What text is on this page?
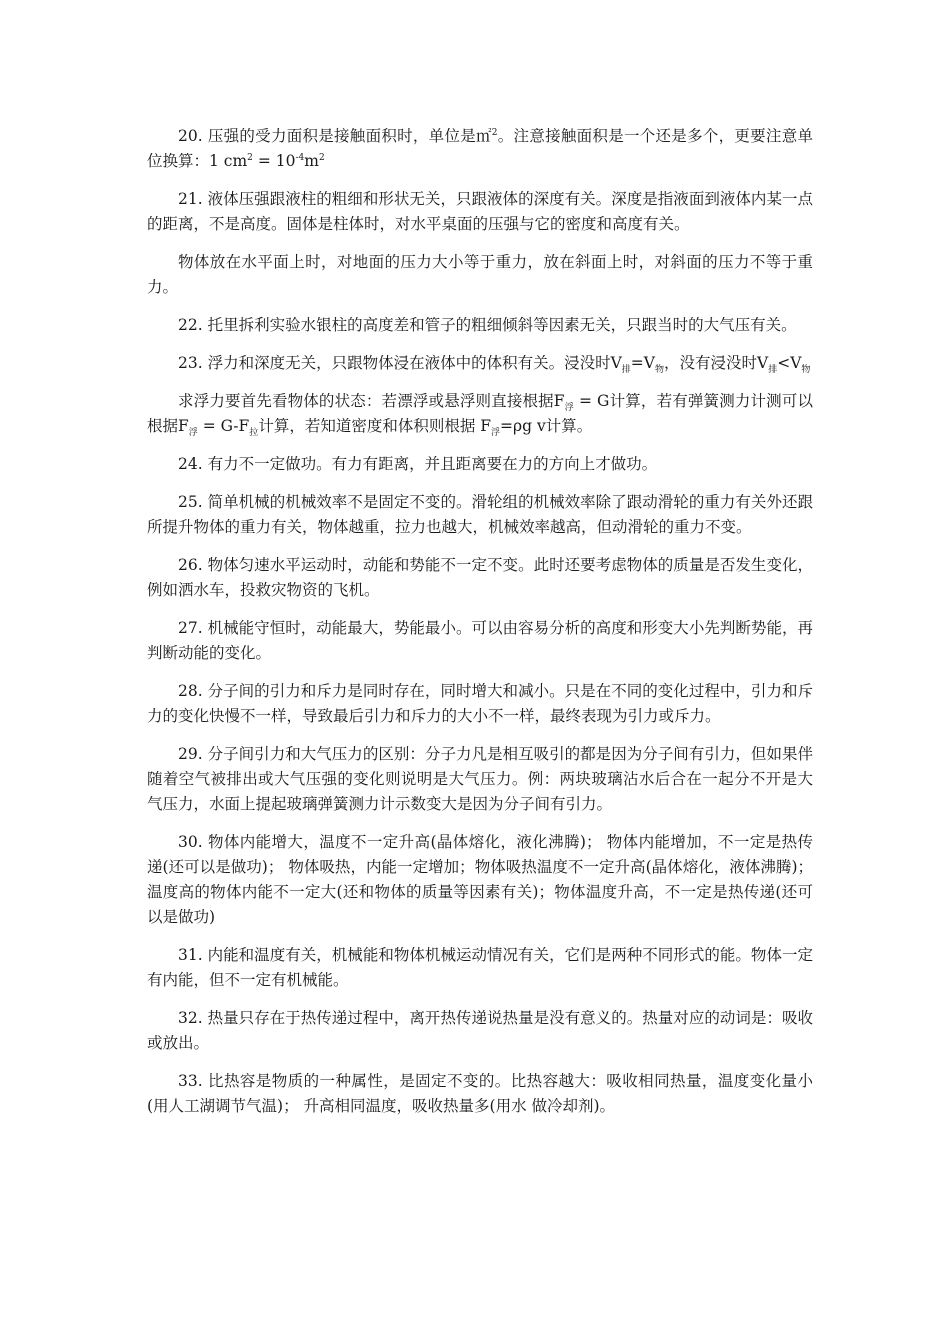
20. 压强的受力面积是接触面积时，单位是㎡$^2$。注意接触面积是一个还是多个，更要注意单位换算：1 $cm^2 = 10^{-4}m^2$

21. 液体压强跟液柱的粗细和形状无关，只跟液体的深度有关。深度是指液面到液体内某一点的距离，不是高度。固体是柱体时，对水平桌面的压强与它的密度和高度有关。

物体放在水平面上时，对地面的压力大小等于重力，放在斜面上时，对斜面的压力不等于重力。

22. 托里拆利实验水银柱的高度差和管子的粗细倾斜等因素无关，只跟当时的大气压有关。

23. 浮力和深度无关，只跟物体浸在液体中的体积有关。浸没时$V_排=V_物$，没有浸没时$V_排<V_物$

求浮力要首先看物体的状态：若漂浮或悬浮则直接根据$F_浮 = G$计算，若有弹簧测力计测可以根据$F_浮 = G-F_拉$计算，若知道密度和体积则根据 $F_浮=\rho g$ v计算。

24. 有力不一定做功。有力有距离，并且距离要在力的方向上才做功。

25. 简单机械的机械效率不是固定不变的。滑轮组的机械效率除了跟动滑轮的重力有关外还跟所提升物体的重力有关，物体越重，拉力也越大，机械效率越高，但动滑轮的重力不变。

26. 物体匀速水平运动时，动能和势能不一定不变。此时还要考虑物体的质量是否发生变化，例如洒水车，投救灾物资的飞机。

27. 机械能守恒时，动能最大，势能最小。可以由容易分析的高度和形变大小先判断势能，再判断动能的变化。

28. 分子间的引力和斥力是同时存在，同时增大和减小。只是在不同的变化过程中，引力和斥力的变化快慢不一样，导致最后引力和斥力的大小不一样，最终表现为引力或斥力。

29. 分子间引力和大气压力的区别：分子力凡是相互吸引的都是因为分子间有引力，但如果伴随着空气被排出或大气压强的变化则说明是大气压力。例：两块玻璃沾水后合在一起分不开是大气压力，水面上提起玻璃弹簧测力计示数变大是因为分子间有引力。

30. 物体内能增大，温度不一定升高(晶体熔化，液化沸腾)； 物体内能增加，不一定是热传递(还可以是做功)； 物体吸热，内能一定增加；物体吸热温度不一定升高(晶体熔化，液体沸腾)； 温度高的物体内能不一定大(还和物体的质量等因素有关)；物体温度升高，不一定是热传递(还可以是做功)

31. 内能和温度有关，机械能和物体机械运动情况有关，它们是两种不同形式的能。物体一定有内能，但不一定有机械能。

32. 热量只存在于热传递过程中，离开热传递说热量是没有意义的。热量对应的动词是：吸收或放出。

33. 比热容是物质的一种属性，是固定不变的。比热容越大：吸收相同热量，温度变化量小(用人工湖调节气温)； 升高相同温度，吸收热量多(用水 做冷却剂)。
